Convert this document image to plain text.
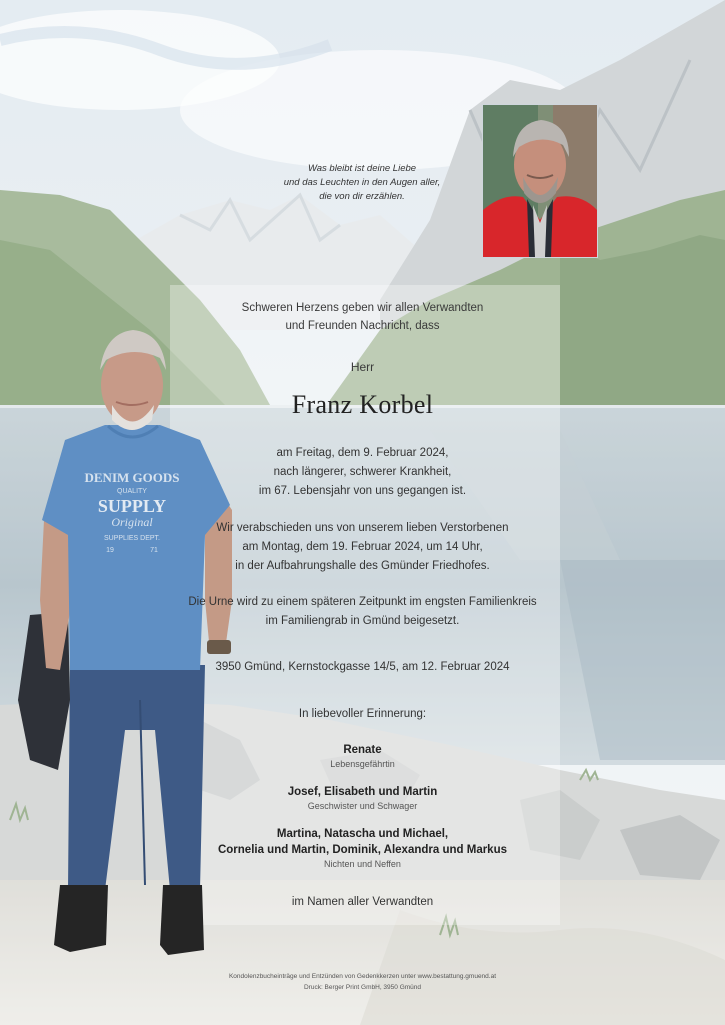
DENIM GOODS
QUALITY
SUPPLY
Original
SUPPLIES DEPT.
19	71
Was bleibt ist deine Liebe
und das Leuchten in den Augen aller,
die von dir erzählen.
Schweren Herzens geben wir allen Verwandten
und Freunden Nachricht, dass
Herr
Franz Korbel
am Freitag, dem 9. Februar 2024,
nach längerer, schwerer Krankheit,
im 67. Lebensjahr von uns gegangen ist.
Wir verabschieden uns von unserem lieben Verstorbenen
am Montag, dem 19. Februar 2024, um 14 Uhr,
in der Aufbahrungshalle des Gmünder Friedhofes.
Die Urne wird zu einem späteren Zeitpunkt im engsten Familienkreis
im Familiengrab in Gmünd beigesetzt.
3950 Gmünd, Kernstockgasse 14/5, am 12. Februar 2024
In liebevoller Erinnerung:
Renate
Lebensgefährtin
Josef, Elisabeth und Martin
Geschwister und Schwager
Martina, Natascha und Michael,
Cornelia und Martin, Dominik, Alexandra und Markus
Nichten und Neffen
im Namen aller Verwandten
Kondolenzbucheinträge und Entzünden von Gedenkkerzen unter www.bestattung.gmuend.at
Druck: Berger Print GmbH, 3950 Gmünd
